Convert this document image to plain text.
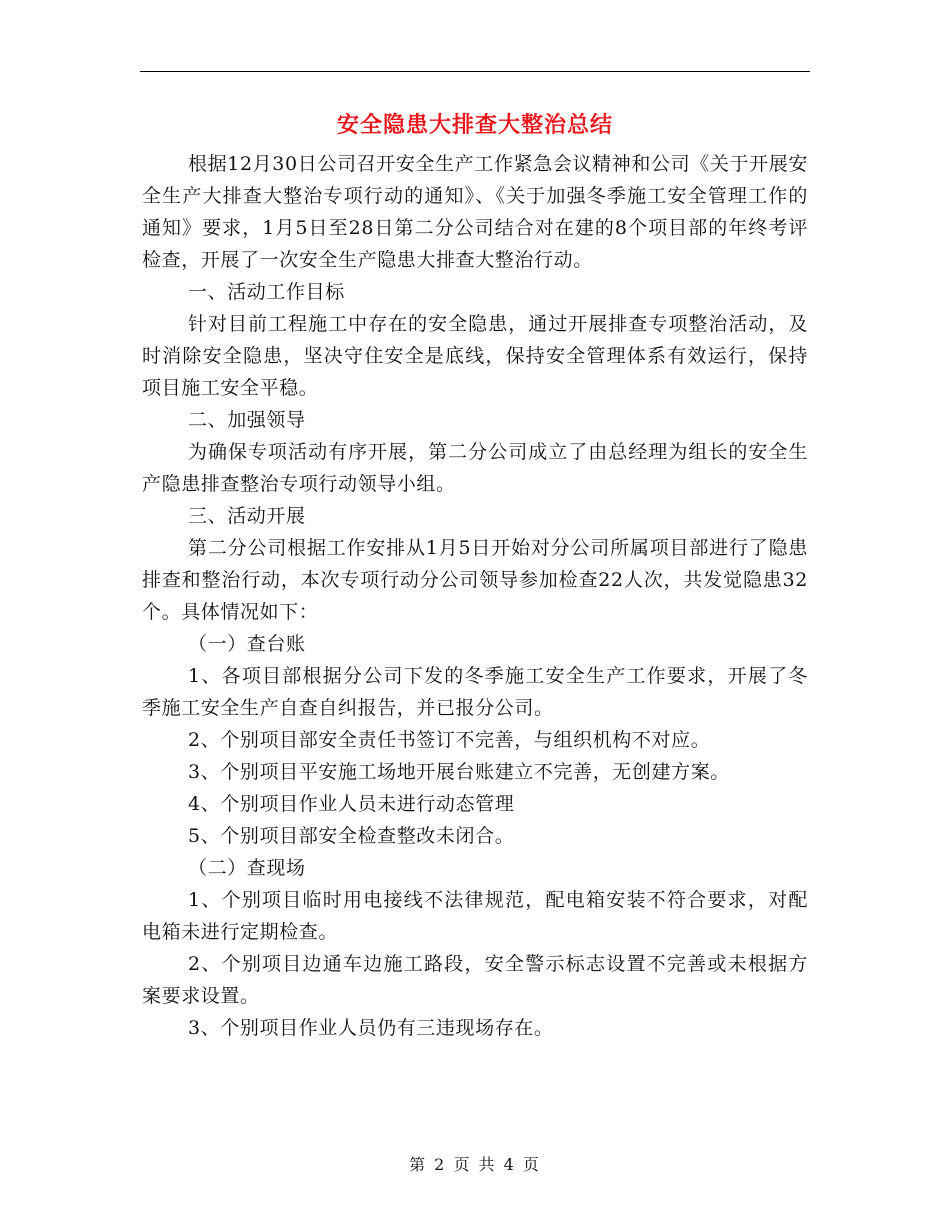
安全隐患大排查大整治总结

根据12月30日公司召开安全生产工作紧急会议精神和公司《关于开展安全生产大排查大整治专项行动的通知》、《关于加强冬季施工安全管理工作的通知》要求，1月5日至28日第二分公司结合对在建的8个项目部的年终考评检查，开展了一次安全生产隐患大排查大整治行动。

一、活动工作目标

针对目前工程施工中存在的安全隐患，通过开展排查专项整治活动，及时消除安全隐患，坚决守住安全是底线，保持安全管理体系有效运行，保持项目施工安全平稳。

二、加强领导

为确保专项活动有序开展，第二分公司成立了由总经理为组长的安全生产隐患排查整治专项行动领导小组。

三、活动开展

第二分公司根据工作安排从1月5日开始对分公司所属项目部进行了隐患排查和整治行动，本次专项行动分公司领导参加检查22人次，共发觉隐患32个。具体情况如下：

（一）查台账

1、各项目部根据分公司下发的冬季施工安全生产工作要求，开展了冬季施工安全生产自查自纠报告，并已报分公司。

2、个别项目部安全责任书签订不完善，与组织机构不对应。

3、个别项目平安施工场地开展台账建立不完善，无创建方案。

4、个别项目作业人员未进行动态管理

5、个别项目部安全检查整改未闭合。

（二）查现场

1、个别项目临时用电接线不法律规范，配电箱安装不符合要求，对配电箱未进行定期检查。

2、个别项目边通车边施工路段，安全警示标志设置不完善或未根据方案要求设置。

3、个别项目作业人员仍有三违现场存在。

第 2 页 共 4 页
